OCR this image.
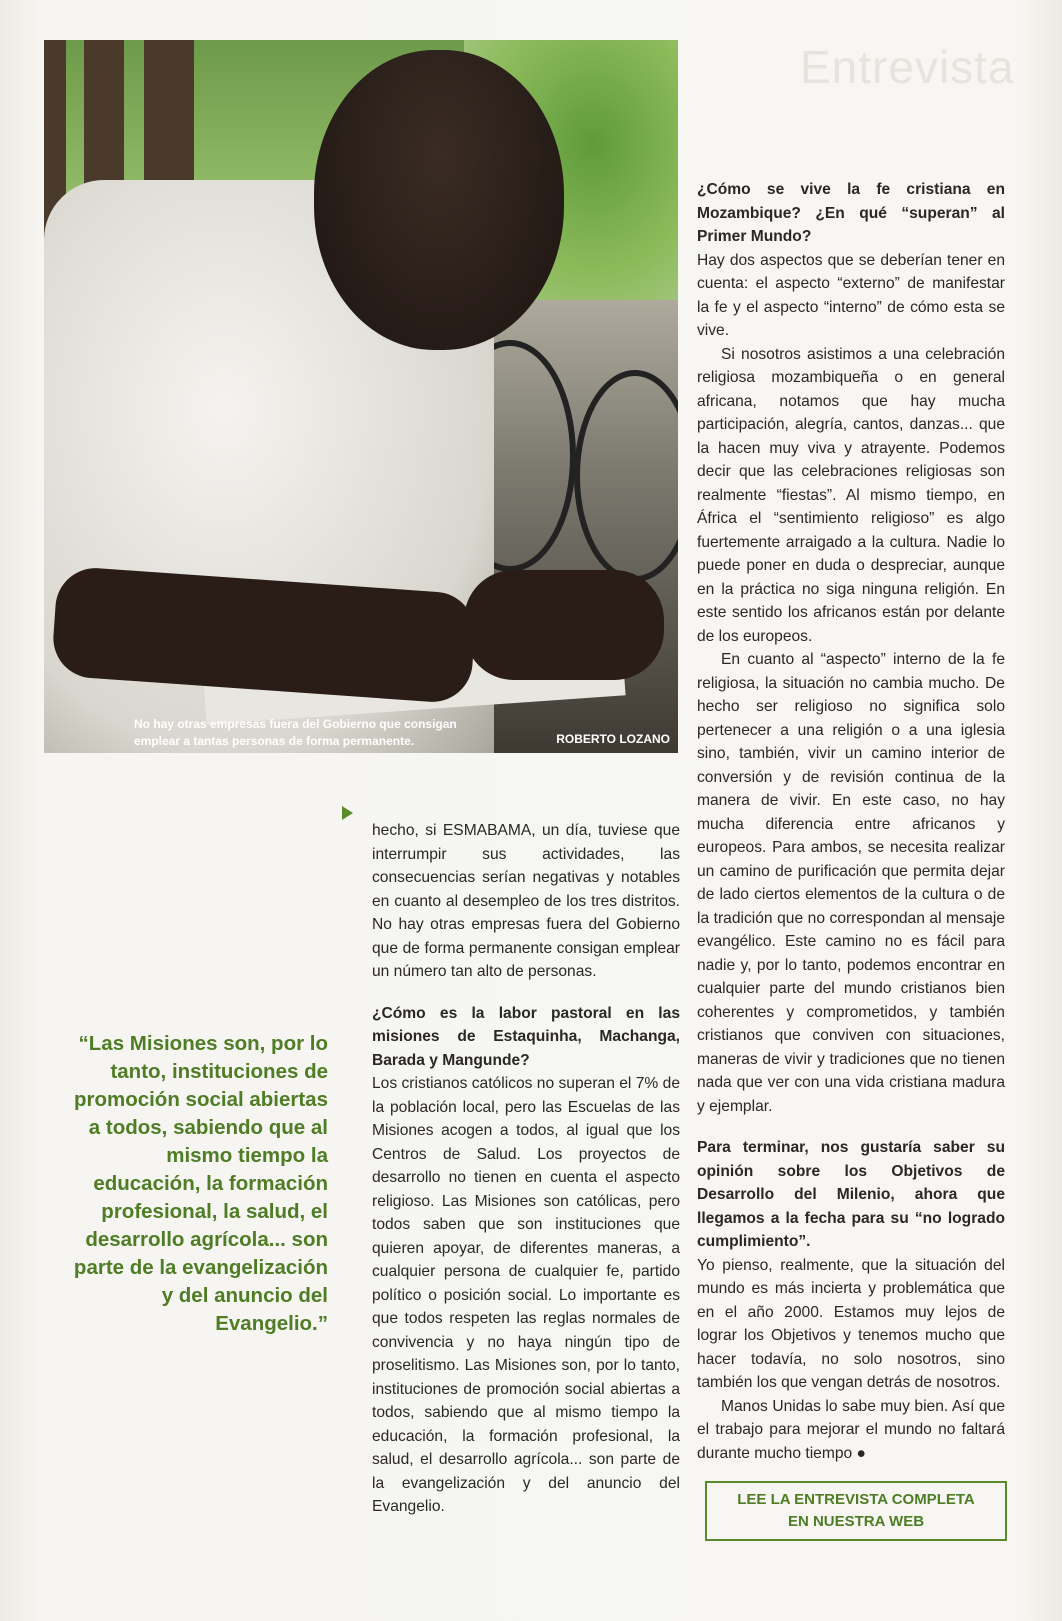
Entrevista
No hay otras empresas fuera del Gobierno que consigan emplear a tantas personas de forma permanente.	ROBERTO LOZANO
“Las Misiones son, por lo tanto, instituciones de promoción social abiertas a todos, sabiendo que al mismo tiempo la educación, la formación profesional, la salud, el desarrollo agrícola... son parte de la evangelización y del anuncio del Evangelio.”

hecho, si ESMABAMA, un día, tuviese que interrumpir sus actividades, las consecuencias serían negativas y notables en cuanto al desempleo de los tres distritos. No hay otras empresas fuera del Gobierno que de forma permanente consigan emplear un número tan alto de personas.

¿Cómo es la labor pastoral en las misiones de Estaquinha, Machanga, Barada y Mangunde?

Los cristianos católicos no superan el 7% de la población local, pero las Escuelas de las Misiones acogen a todos, al igual que los Centros de Salud. Los proyectos de desarrollo no tienen en cuenta el aspecto religioso. Las Misiones son católicas, pero todos saben que son instituciones que quieren apoyar, de diferentes maneras, a cualquier persona de cualquier fe, partido político o posición social. Lo importante es que todos respeten las reglas normales de convivencia y no haya ningún tipo de proselitismo. Las Misiones son, por lo tanto, instituciones de promoción social abiertas a todos, sabiendo que al mismo tiempo la educación, la formación profesional, la salud, el desarrollo agrícola... son parte de la evangelización y del anuncio del Evangelio.

¿Cómo se vive la fe cristiana en Mozambique? ¿En qué “superan” al Primer Mundo?

Hay dos aspectos que se deberían tener en cuenta: el aspecto “externo” de manifestar la fe y el aspecto “interno” de cómo esta se vive.

Si nosotros asistimos a una celebración religiosa mozambiqueña o en general africana, notamos que hay mucha participación, alegría, cantos, danzas... que la hacen muy viva y atrayente. Podemos decir que las celebraciones religiosas son realmente “fiestas”. Al mismo tiempo, en África el “sentimiento religioso” es algo fuertemente arraigado a la cultura. Nadie lo puede poner en duda o despreciar, aunque en la práctica no siga ninguna religión. En este sentido los africanos están por delante de los europeos.

En cuanto al “aspecto” interno de la fe religiosa, la situación no cambia mucho. De hecho ser religioso no significa solo pertenecer a una religión o a una iglesia sino, también, vivir un camino interior de conversión y de revisión continua de la manera de vivir. En este caso, no hay mucha diferencia entre africanos y europeos. Para ambos, se necesita realizar un camino de purificación que permita dejar de lado ciertos elementos de la cultura o de la tradición que no correspondan al mensaje evangélico. Este camino no es fácil para nadie y, por lo tanto, podemos encontrar en cualquier parte del mundo cristianos bien coherentes y comprometidos, y también cristianos que conviven con situaciones, maneras de vivir y tradiciones que no tienen nada que ver con una vida cristiana madura y ejemplar.

Para terminar, nos gustaría saber su opinión sobre los Objetivos de Desarrollo del Milenio, ahora que llegamos a la fecha para su “no logrado cumplimiento”.

Yo pienso, realmente, que la situación del mundo es más incierta y problemática que en el año 2000. Estamos muy lejos de lograr los Objetivos y tenemos mucho que hacer todavía, no solo nosotros, sino también los que vengan detrás de nosotros.

Manos Unidas lo sabe muy bien. Así que el trabajo para mejorar el mundo no faltará durante mucho tiempo ●

LEE LA ENTREVISTA COMPLETA
EN NUESTRA WEB
